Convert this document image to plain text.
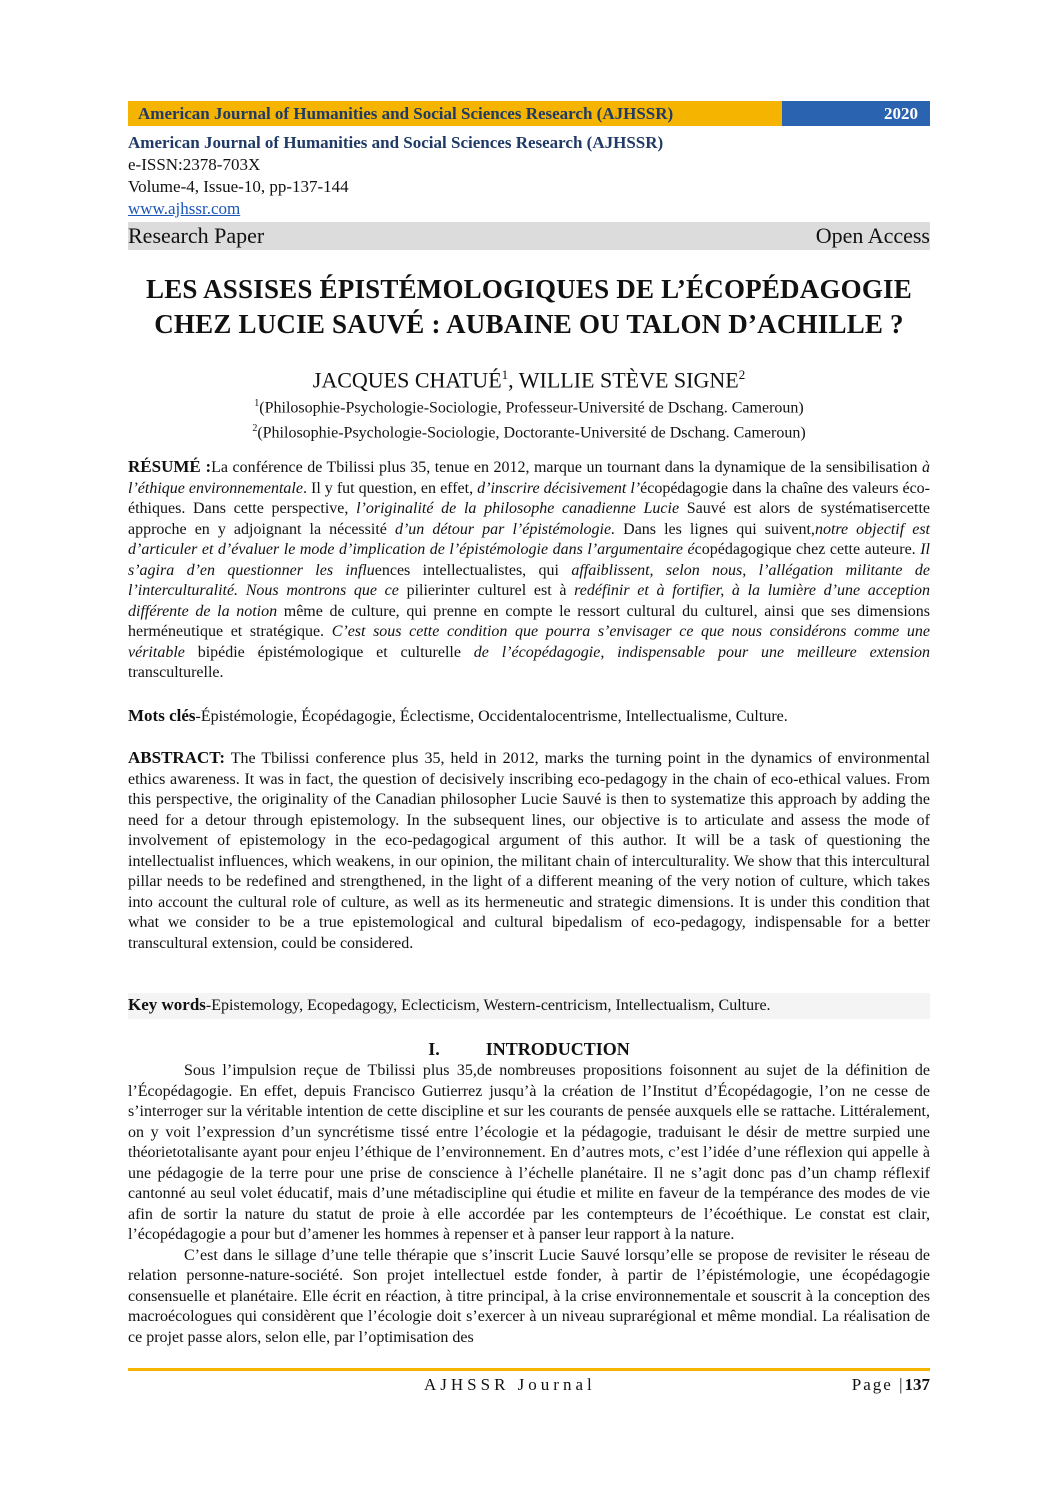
American Journal of Humanities and Social Sciences Research (AJHSSR)	2020
American Journal of Humanities and Social Sciences Research (AJHSSR)
e-ISSN:2378-703X
Volume-4, Issue-10, pp-137-144
www.ajhssr.com
Research Paper	Open Access
LES ASSISES ÉPISTÉMOLOGIQUES DE L’ÉCOPÉDAGOGIE
CHEZ LUCIE SAUVÉ : AUBAINE OU TALON D’ACHILLE ?
JACQUES CHATUÉ$^1$, WILLIE STÈVE SIGNE$^2$
$^1$(Philosophie-Psychologie-Sociologie, Professeur-Université de Dschang. Cameroun)
$^2$(Philosophie-Psychologie-Sociologie, Doctorante-Université de Dschang. Cameroun)
RÉSUMÉ :La conférence de Tbilissi plus 35, tenue en 2012, marque un tournant dans la dynamique de la sensibilisation à l’éthique environnementale. Il y fut question, en effet, d’inscrire décisivement l’écopédagogie dans la chaîne des valeurs éco-éthiques. Dans cette perspective, l’originalité de la philosophe canadienne Lucie Sauvé est alors de systématisercette approche en y adjoignant la nécessité d’un détour par l’épistémologie. Dans les lignes qui suivent,notre objectif est d’articuler et d’évaluer le mode d’implication de l’épistémologie dans l’argumentaire écopédagogique chez cette auteure. Il s’agira d’en questionner les influences intellectualistes, qui affaiblissent, selon nous, l’allégation militante de l’interculturalité. Nous montrons que ce pilierinter culturel est à redéfinir et à fortifier, à la lumière d’une acception différente de la notion même de culture, qui prenne en compte le ressort cultural du culturel, ainsi que ses dimensions herméneutique et stratégique. C’est sous cette condition que pourra s’envisager ce que nous considérons comme une véritable bipédie épistémologique et culturelle de l’écopédagogie, indispensable pour une meilleure extension transculturelle.
Mots clés-Épistémologie, Écopédagogie, Éclectisme, Occidentalocentrisme, Intellectualisme, Culture.
ABSTRACT: The Tbilissi conference plus 35, held in 2012, marks the turning point in the dynamics of environmental ethics awareness. It was in fact, the question of decisively inscribing eco-pedagogy in the chain of eco-ethical values. From this perspective, the originality of the Canadian philosopher Lucie Sauvé is then to systematize this approach by adding the need for a detour through epistemology. In the subsequent lines, our objective is to articulate and assess the mode of involvement of epistemology in the eco-pedagogical argument of this author. It will be a task of questioning the intellectualist influences, which weakens, in our opinion, the militant chain of interculturality. We show that this intercultural pillar needs to be redefined and strengthened, in the light of a different meaning of the very notion of culture, which takes into account the cultural role of culture, as well as its hermeneutic and strategic dimensions. It is under this condition that what we consider to be a true epistemological and cultural bipedalism of eco-pedagogy, indispensable for a better transcultural extension, could be considered.
Key words-Epistemology, Ecopedagogy, Eclecticism, Western-centricism, Intellectualism, Culture.
I.	INTRODUCTION

Sous l’impulsion reçue de Tbilissi plus 35,de nombreuses propositions foisonnent au sujet de la définition de l’Écopédagogie. En effet, depuis Francisco Gutierrez jusqu’à la création de l’Institut d’Écopédagogie, l’on ne cesse de s’interroger sur la véritable intention de cette discipline et sur les courants de pensée auxquels elle se rattache. Littéralement, on y voit l’expression d’un syncrétisme tissé entre l’écologie et la pédagogie, traduisant le désir de mettre surpied une théorietotalisante ayant pour enjeu l’éthique de l’environnement. En d’autres mots, c’est l’idée d’une réflexion qui appelle à une pédagogie de la terre pour une prise de conscience à l’échelle planétaire. Il ne s’agit donc pas d’un champ réflexif cantonné au seul volet éducatif, mais d’une métadiscipline qui étudie et milite en faveur de la tempérance des modes de vie afin de sortir la nature du statut de proie à elle accordée par les contempteurs de l’écoéthique. Le constat est clair, l’écopédagogie a pour but d’amener les hommes à repenser et à panser leur rapport à la nature.

C’est dans le sillage d’une telle thérapie que s’inscrit Lucie Sauvé lorsqu’elle se propose de revisiter le réseau de relation personne-nature-société. Son projet intellectuel estde fonder, à partir de l’épistémologie, une écopédagogie consensuelle et planétaire. Elle écrit en réaction, à titre principal, à la crise environnementale et souscrit à la conception des macroécologues qui considèrent que l’écologie doit s’exercer à un niveau suprarégional et même mondial. La réalisation de ce projet passe alors, selon elle, par l’optimisation des

AJHSSR Journal	Page |137
